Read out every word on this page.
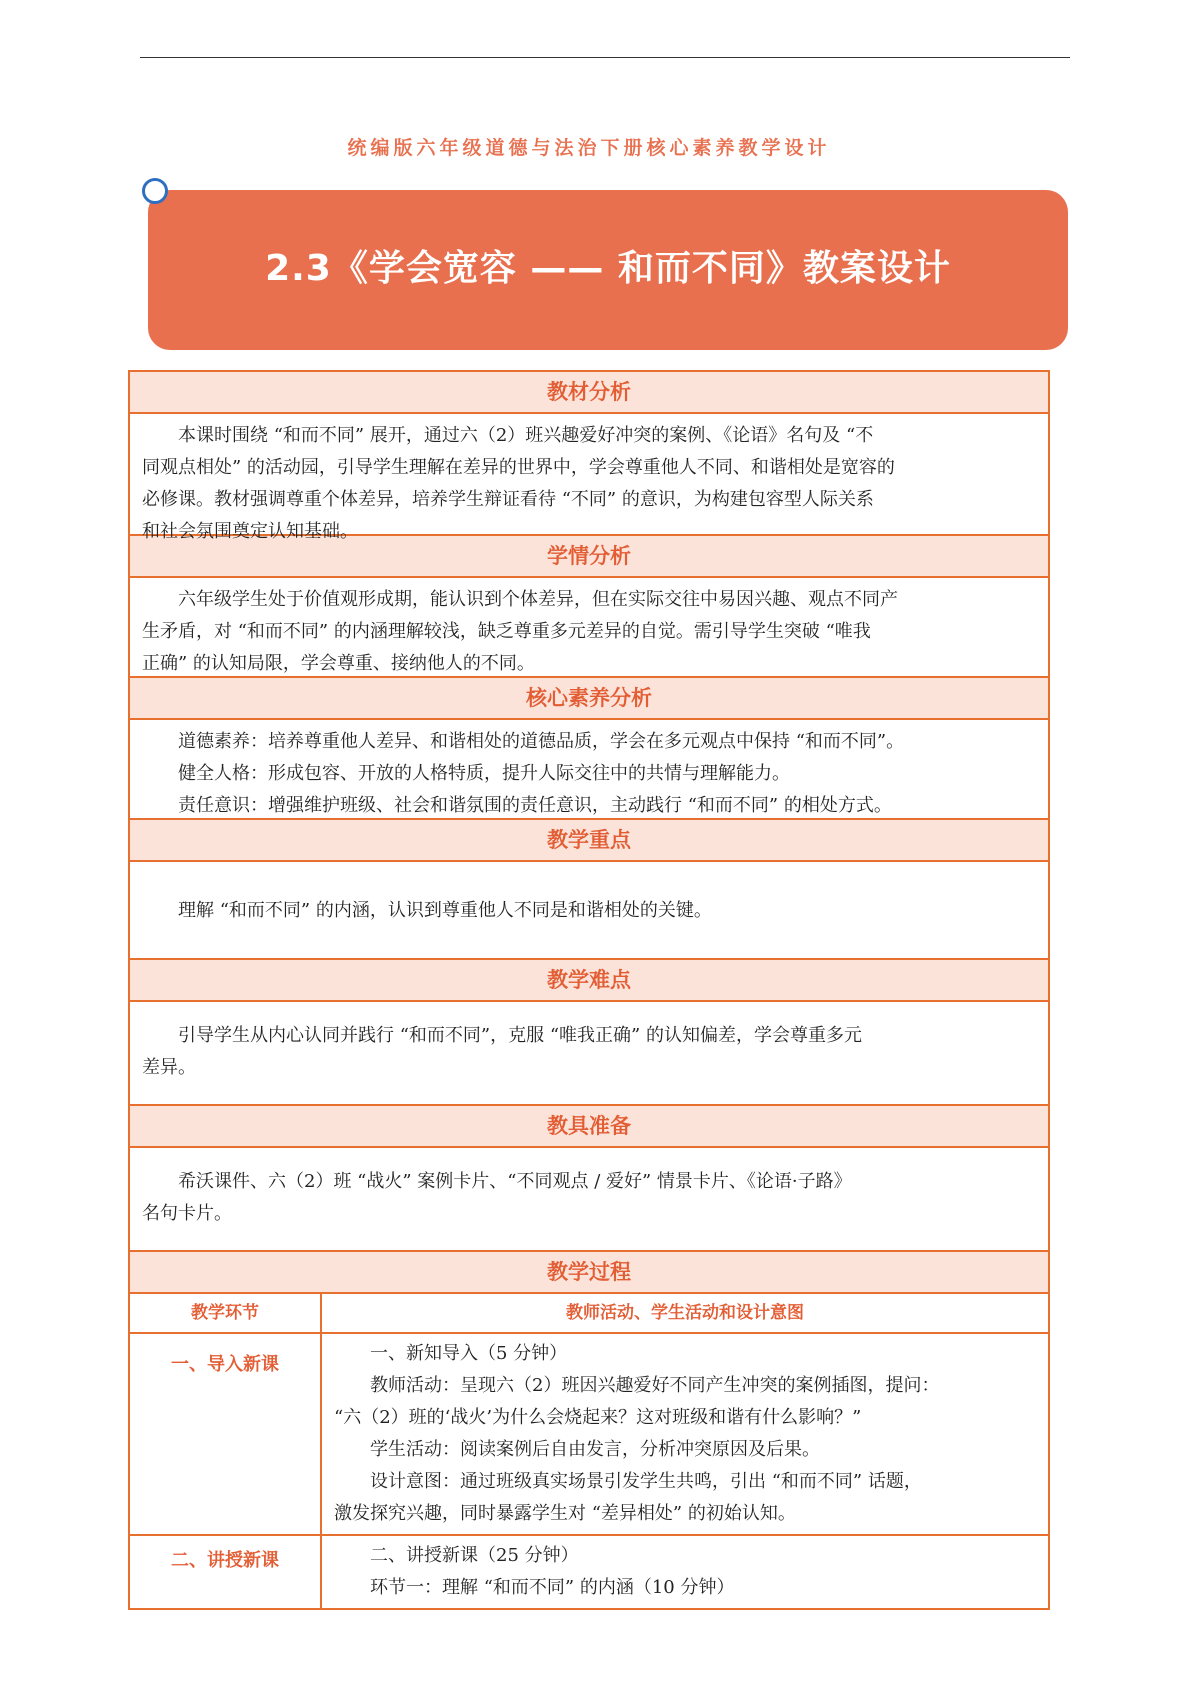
统编版六年级道德与法治下册核心素养教学设计
2.3《学会宽容 —— 和而不同》教案设计
教材分析
本课时围绕 “和而不同” 展开，通过六（2）班兴趣爱好冲突的案例、《论语》名句及 “不
同观点相处” 的活动园，引导学生理解在差异的世界中，学会尊重他人不同、和谐相处是宽容的
必修课。教材强调尊重个体差异，培养学生辩证看待 “不同” 的意识，为构建包容型人际关系
和社会氛围奠定认知基础。
学情分析
六年级学生处于价值观形成期，能认识到个体差异，但在实际交往中易因兴趣、观点不同产
生矛盾，对 “和而不同” 的内涵理解较浅，缺乏尊重多元差异的自觉。需引导学生突破 “唯我
正确” 的认知局限，学会尊重、接纳他人的不同。
核心素养分析
道德素养：培养尊重他人差异、和谐相处的道德品质，学会在多元观点中保持 “和而不同”。
健全人格：形成包容、开放的人格特质，提升人际交往中的共情与理解能力。
责任意识：增强维护班级、社会和谐氛围的责任意识，主动践行 “和而不同” 的相处方式。
教学重点
理解 “和而不同” 的内涵，认识到尊重他人不同是和谐相处的关键。
教学难点
引导学生从内心认同并践行 “和而不同”，克服 “唯我正确” 的认知偏差，学会尊重多元
差异。
教具准备
希沃课件、六（2）班 “战火” 案例卡片、“不同观点 / 爱好” 情景卡片、《论语·子路》
名句卡片。
教学过程
教学环节	教师活动、学生活动和设计意图
一、导入新课
一、新知导入（5 分钟）
教师活动：呈现六（2）班因兴趣爱好不同产生冲突的案例插图，提问：
“六（2）班的‘战火’为什么会烧起来？这对班级和谐有什么影响？”
学生活动：阅读案例后自由发言，分析冲突原因及后果。
设计意图：通过班级真实场景引发学生共鸣，引出 “和而不同” 话题，
激发探究兴趣，同时暴露学生对 “差异相处” 的初始认知。
二、讲授新课	二、讲授新课（25 分钟）
环节一：理解 “和而不同” 的内涵（10 分钟）
